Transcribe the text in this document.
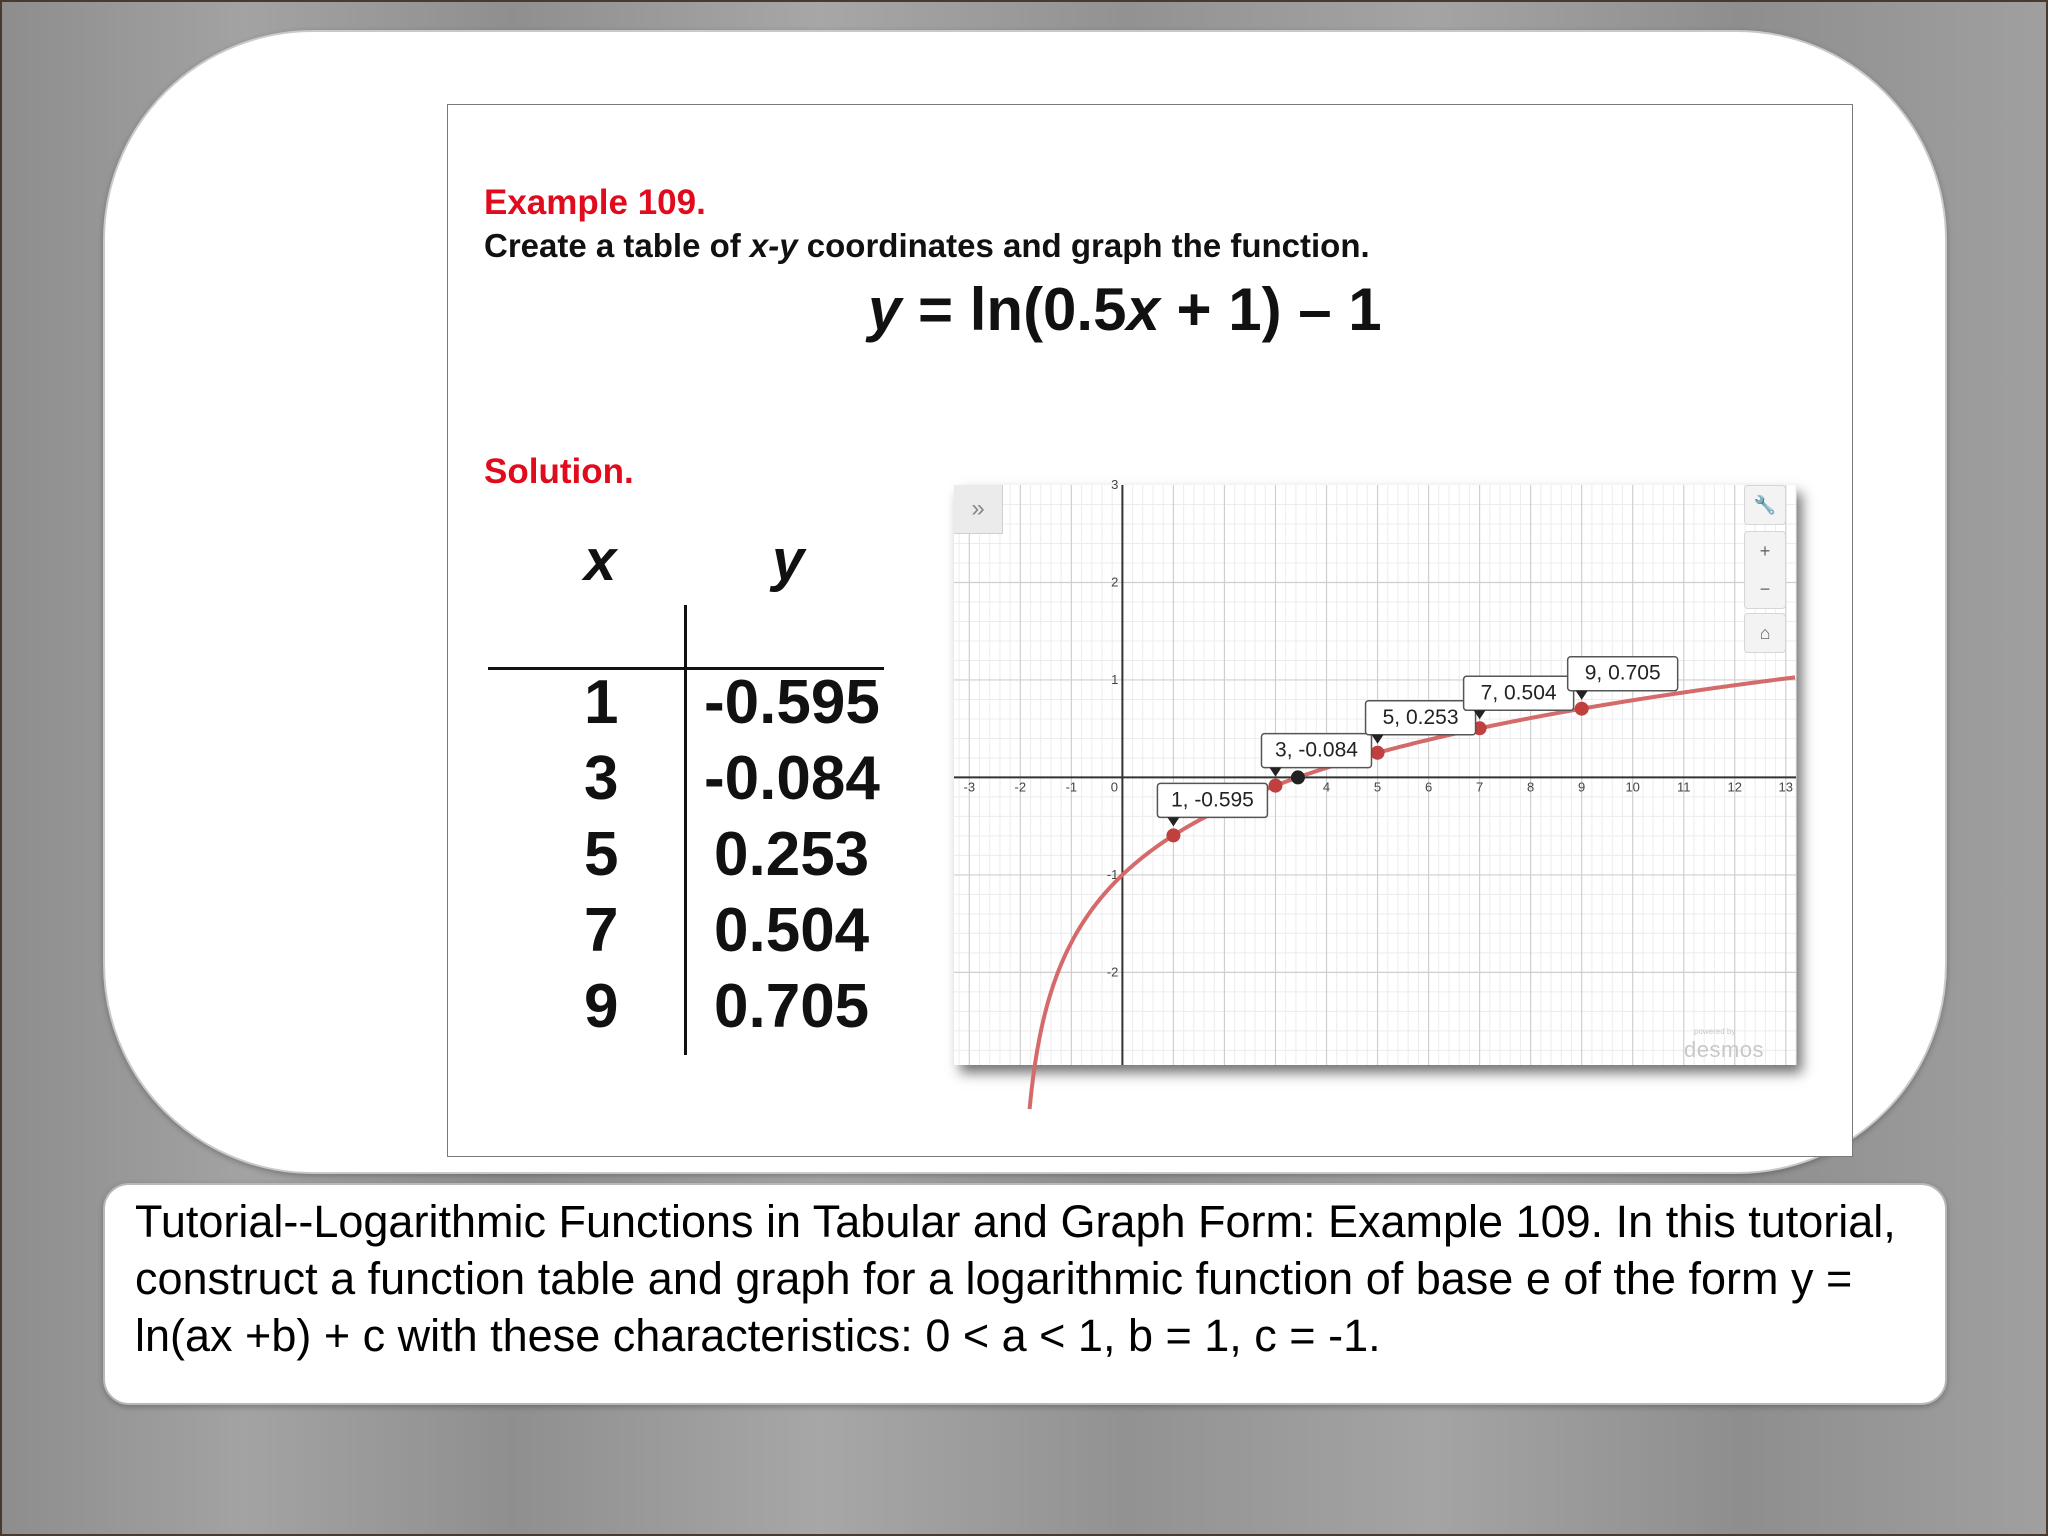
Example 109.
Create a table of x-y coordinates and graph the function.
y = ln(0.5x + 1) – 1
Solution.
x	y
1 -0.595
3 -0.084
5 0.253
7 0.504
9 0.705
-3	-2	-1	0	4	5	6	7	8	9	10	11	12	13
-2
-1
1
2
3
1, -0.595
3, -0.084
5, 0.253
7, 0.504
9, 0.705
»	🔧
+
−
⌂
powered by
desmos
Tutorial--Logarithmic Functions in Tabular and Graph Form: Example 109. In this tutorial, construct a function table and graph for a logarithmic function of base e of the form y = ln(ax +b) + c with these characteristics: 0 < a < 1, b = 1, c = -1.
